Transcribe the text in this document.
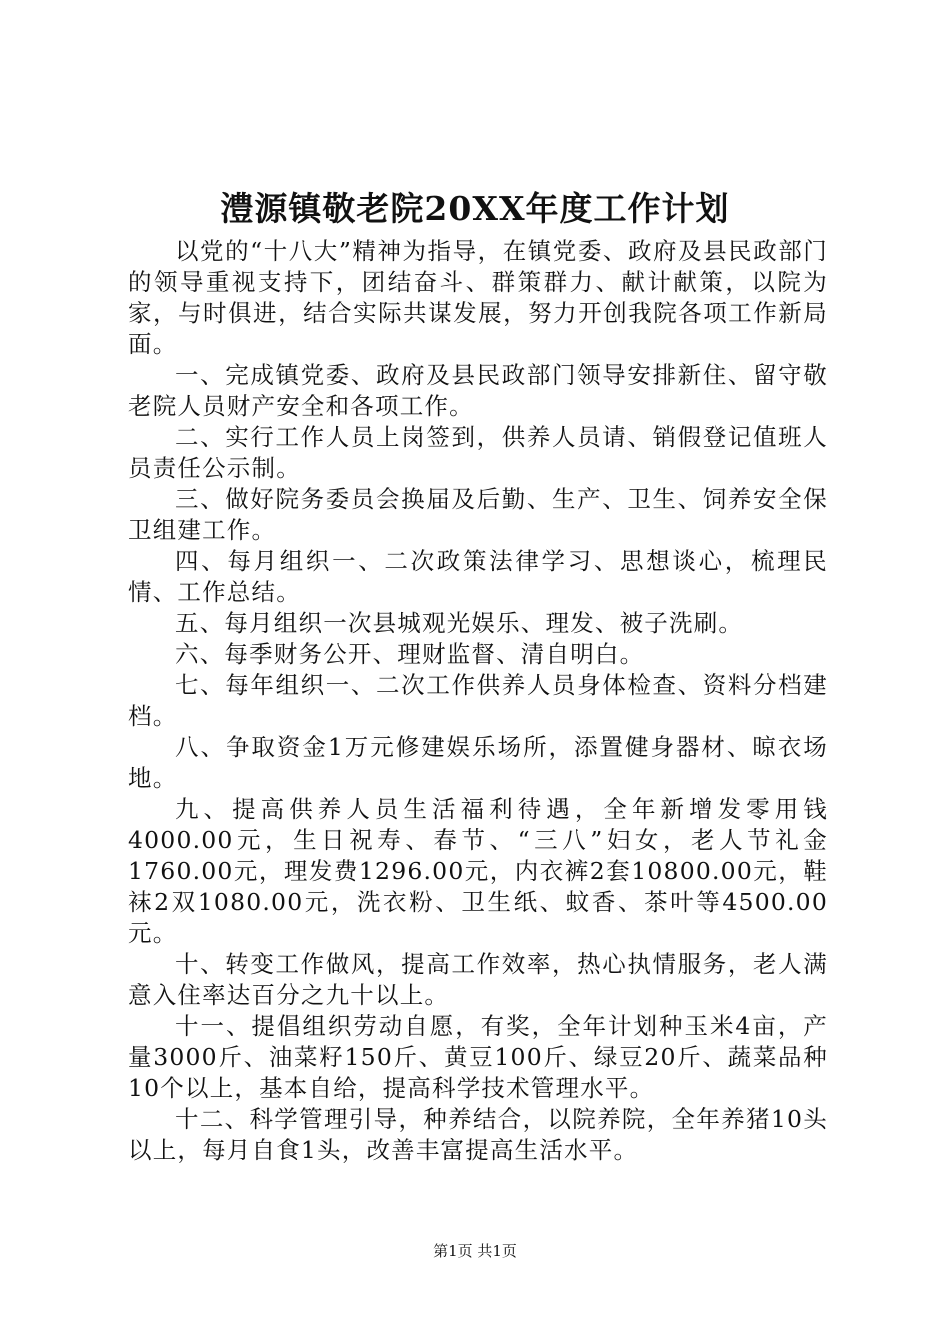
澧源镇敬老院20XX年度工作计划

以党的“十八大”精神为指导，在镇党委、政府及县民政部门的领导重视支持下，团结奋斗、群策群力、献计献策，以院为家，与时俱进，结合实际共谋发展，努力开创我院各项工作新局面。

一、完成镇党委、政府及县民政部门领导安排新住、留守敬老院人员财产安全和各项工作。

二、实行工作人员上岗签到，供养人员请、销假登记值班人员责任公示制。

三、做好院务委员会换届及后勤、生产、卫生、饲养安全保卫组建工作。

四、每月组织一、二次政策法律学习、思想谈心，梳理民情、工作总结。

五、每月组织一次县城观光娱乐、理发、被子洗刷。

六、每季财务公开、理财监督、清自明白。

七、每年组织一、二次工作供养人员身体检查、资料分档建档。

八、争取资金1万元修建娱乐场所，添置健身器材、晾衣场地。

九、提高供养人员生活福利待遇，全年新增发零用钱4000.00元，生日祝寿、春节、“三八”妇女，老人节礼金1760.00元，理发费1296.00元，内衣裤2套10800.00元，鞋袜2双1080.00元，洗衣粉、卫生纸、蚊香、茶叶等4500.00元。

十、转变工作做风，提高工作效率，热心执情服务，老人满意入住率达百分之九十以上。

十一、提倡组织劳动自愿，有奖，全年计划种玉米4亩，产量3000斤、油菜籽150斤、黄豆100斤、绿豆20斤、蔬菜品种10个以上，基本自给，提高科学技术管理水平。

十二、科学管理引导，种养结合，以院养院，全年养猪10头以上，每月自食1头，改善丰富提高生活水平。

第1页 共1页
